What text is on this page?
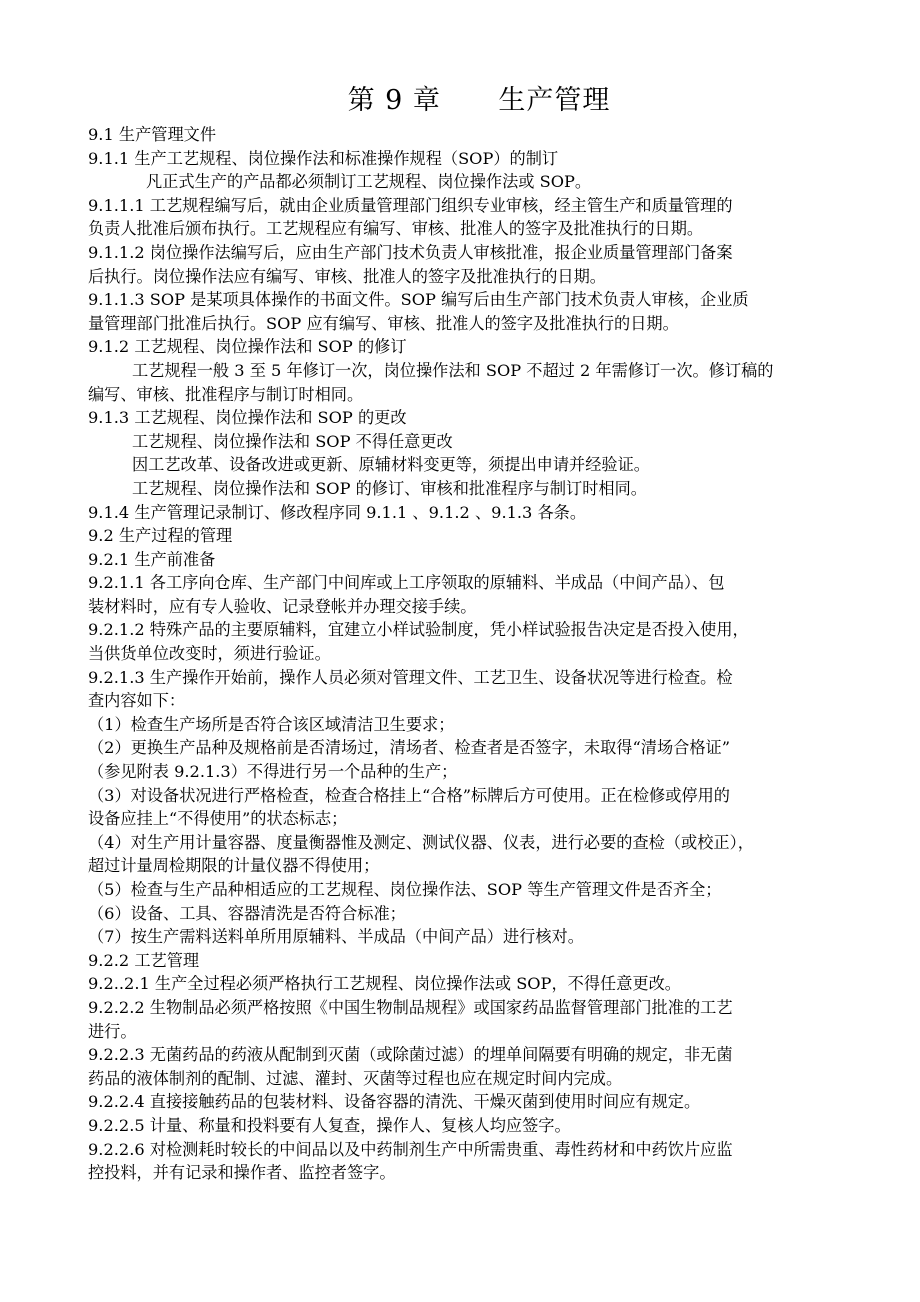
第 9 章      生产管理

9.1 生产管理文件

9.1.1 生产工艺规程、岗位操作法和标准操作规程（SOP）的制订

凡正式生产的产品都必须制订工艺规程、岗位操作法或 SOP。

9.1.1.1 工艺规程编写后，就由企业质量管理部门组织专业审核，经主管生产和质量管理的

负责人批准后颁布执行。工艺规程应有编写、审核、批准人的签字及批准执行的日期。

9.1.1.2 岗位操作法编写后，应由生产部门技术负责人审核批准，报企业质量管理部门备案

后执行。岗位操作法应有编写、审核、批准人的签字及批准执行的日期。

9.1.1.3 SOP 是某项具体操作的书面文件。SOP 编写后由生产部门技术负责人审核，企业质

量管理部门批准后执行。SOP 应有编写、审核、批准人的签字及批准执行的日期。

9.1.2 工艺规程、岗位操作法和 SOP 的修订

工艺规程一般 3 至 5 年修订一次，岗位操作法和 SOP 不超过 2 年需修订一次。修订稿的

编写、审核、批准程序与制订时相同。

9.1.3 工艺规程、岗位操作法和 SOP 的更改

工艺规程、岗位操作法和 SOP 不得任意更改

因工艺改革、设备改进或更新、原辅材料变更等，须提出申请并经验证。

工艺规程、岗位操作法和 SOP 的修订、审核和批准程序与制订时相同。

9.1.4 生产管理记录制订、修改程序同 9.1.1 、9.1.2 、9.1.3 各条。

9.2 生产过程的管理

9.2.1 生产前准备

9.2.1.1 各工序向仓库、生产部门中间库或上工序领取的原辅料、半成品（中间产品）、包

装材料时，应有专人验收、记录登帐并办理交接手续。

9.2.1.2 特殊产品的主要原辅料，宜建立小样试验制度，凭小样试验报告决定是否投入使用，

当供货单位改变时，须进行验证。

9.2.1.3 生产操作开始前，操作人员必须对管理文件、工艺卫生、设备状况等进行检查。检

查内容如下：

（1）检查生产场所是否符合该区域清洁卫生要求；

（2）更换生产品种及规格前是否清场过，清场者、检查者是否签字，未取得“清场合格证”

（参见附表 9.2.1.3）不得进行另一个品种的生产；

（3）对设备状况进行严格检查，检查合格挂上“合格”标牌后方可使用。正在检修或停用的

设备应挂上“不得使用”的状态标志；

（4）对生产用计量容器、度量衡器惟及测定、测试仪器、仪表，进行必要的查检（或校正），

超过计量周检期限的计量仪器不得使用；

（5）检查与生产品种相适应的工艺规程、岗位操作法、SOP 等生产管理文件是否齐全；

（6）设备、工具、容器清洗是否符合标准；

（7）按生产需料送料单所用原辅料、半成品（中间产品）进行核对。

9.2.2 工艺管理

9.2..2.1 生产全过程必须严格执行工艺规程、岗位操作法或 SOP，不得任意更改。

9.2.2.2 生物制品必须严格按照《中国生物制品规程》或国家药品监督管理部门批准的工艺

进行。

9.2.2.3 无菌药品的药液从配制到灭菌（或除菌过滤）的埋单间隔要有明确的规定，非无菌

药品的液体制剂的配制、过滤、灌封、灭菌等过程也应在规定时间内完成。

9.2.2.4 直接接触药品的包装材料、设备容器的清洗、干燥灭菌到使用时间应有规定。

9.2.2.5 计量、称量和投料要有人复查，操作人、复核人均应签字。

9.2.2.6 对检测耗时较长的中间品以及中药制剂生产中所需贵重、毒性药材和中药饮片应监

控投料，并有记录和操作者、监控者签字。
